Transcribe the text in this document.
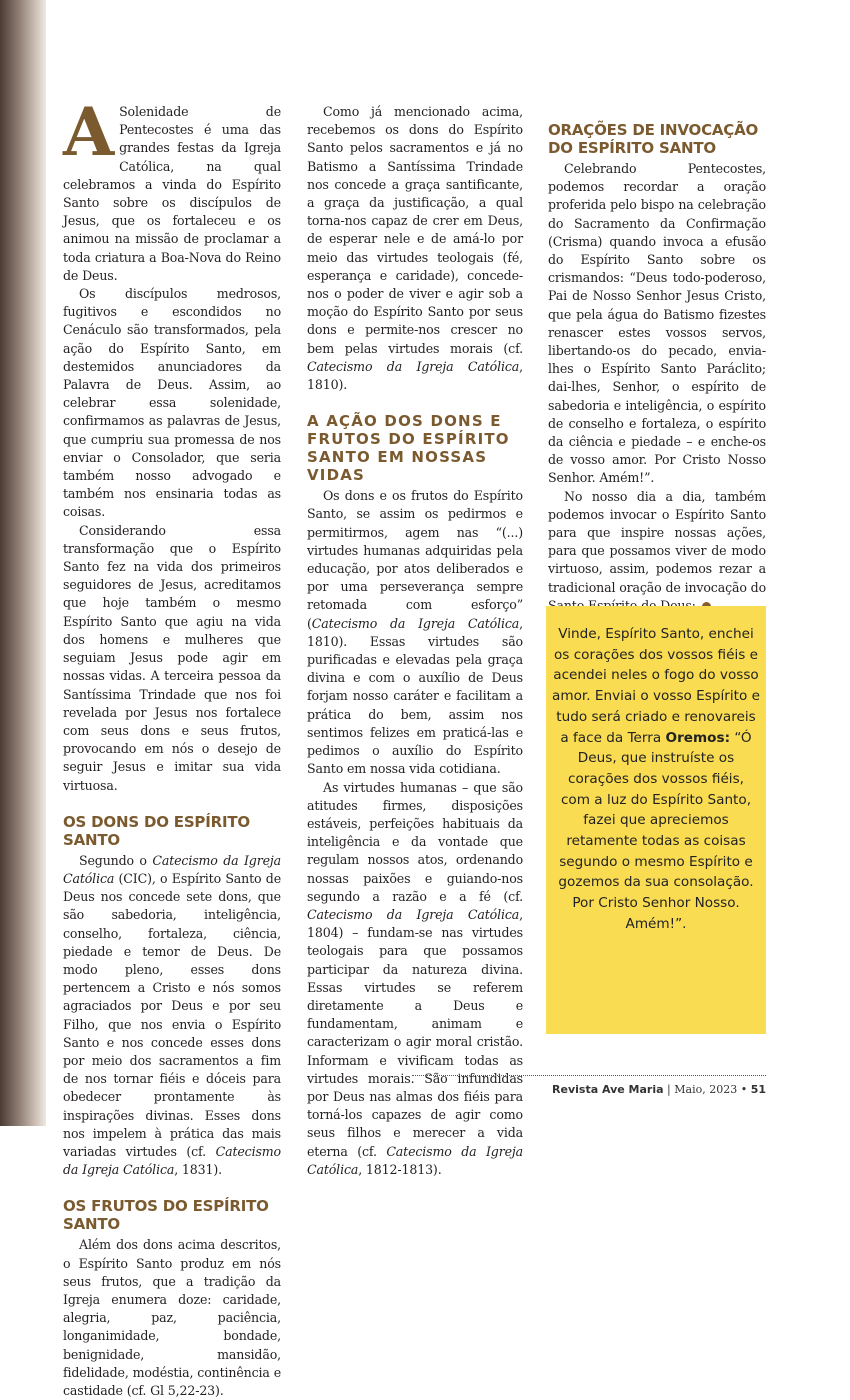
A Solenidade de Pentecostes é uma das grandes festas da Igreja Católica, na qual celebramos a vinda do Espírito Santo sobre os discípulos de Jesus, que os fortaleceu e os animou na missão de proclamar a toda criatura a Boa-Nova do Reino de Deus.

Os discípulos medrosos, fugitivos e escondidos no Cenáculo são transformados, pela ação do Espírito Santo, em destemidos anunciadores da Palavra de Deus. Assim, ao celebrar essa solenidade, confirmamos as palavras de Jesus, que cumpriu sua promessa de nos enviar o Consolador, que seria também nosso advogado e também nos ensinaria todas as coisas.

Considerando essa transformação que o Espírito Santo fez na vida dos primeiros seguidores de Jesus, acreditamos que hoje também o mesmo Espírito Santo que agiu na vida dos homens e mulheres que seguiam Jesus pode agir em nossas vidas. A terceira pessoa da Santíssima Trindade que nos foi revelada por Jesus nos fortalece com seus dons e seus frutos, provocando em nós o desejo de seguir Jesus e imitar sua vida virtuosa.

OS DONS DO ESPÍRITO SANTO

Segundo o Catecismo da Igreja Católica (CIC), o Espírito Santo de Deus nos concede sete dons, que são sabedoria, inteligência, conselho, fortaleza, ciência, piedade e temor de Deus. De modo pleno, esses dons pertencem a Cristo e nós somos agraciados por Deus e por seu Filho, que nos envia o Espírito Santo e nos concede esses dons por meio dos sacramentos a fim de nos tornar fiéis e dóceis para obedecer prontamente às inspirações divinas. Esses dons nos impelem à prática das mais variadas virtudes (cf. Catecismo da Igreja Católica, 1831).

OS FRUTOS DO ESPÍRITO SANTO

Além dos dons acima descritos, o Espírito Santo produz em nós seus frutos, que a tradição da Igreja enumera doze: caridade, alegria, paz, paciência, longanimidade, bondade, benignidade, mansidão, fidelidade, modéstia, continência e castidade (cf. Gl 5,22-23).

Como já mencionado acima, recebemos os dons do Espírito Santo pelos sacramentos e já no Batismo a Santíssima Trindade nos concede a graça santificante, a graça da justificação, a qual torna-nos capaz de crer em Deus, de esperar nele e de amá-lo por meio das virtudes teologais (fé, esperança e caridade), concede-nos o poder de viver e agir sob a moção do Espírito Santo por seus dons e permite-nos crescer no bem pelas virtudes morais (cf. Catecismo da Igreja Católica, 1810).

A AÇÃO DOS DONS E FRUTOS DO ESPÍRITO SANTO EM NOSSAS VIDAS

Os dons e os frutos do Espírito Santo, se assim os pedirmos e permitirmos, agem nas “(...) virtudes humanas adquiridas pela educação, por atos deliberados e por uma perseverança sempre retomada com esforço” (Catecismo da Igreja Católica, 1810). Essas virtudes são purificadas e elevadas pela graça divina e com o auxílio de Deus forjam nosso caráter e facilitam a prática do bem, assim nos sentimos felizes em praticá-las e pedimos o auxílio do Espírito Santo em nossa vida cotidiana.

As virtudes humanas – que são atitudes firmes, disposições estáveis, perfeições habituais da inteligência e da vontade que regulam nossos atos, ordenando nossas paixões e guiando-nos segundo a razão e a fé (cf. Catecismo da Igreja Católica, 1804) – fundam-se nas virtudes teologais para que possamos participar da natureza divina. Essas virtudes se referem diretamente a Deus e fundamentam, animam e caracterizam o agir moral cristão. Informam e vivificam todas as virtudes morais. São infundidas por Deus nas almas dos fiéis para torná-los capazes de agir como seus filhos e merecer a vida eterna (cf. Catecismo da Igreja Católica, 1812-1813).

ORAÇÕES DE INVOCAÇÃO DO ESPÍRITO SANTO

Celebrando Pentecostes, podemos recordar a oração proferida pelo bispo na celebração do Sacramento da Confirmação (Crisma) quando invoca a efusão do Espírito Santo sobre os crismandos: “Deus todo-poderoso, Pai de Nosso Senhor Jesus Cristo, que pela água do Batismo fizestes renascer estes vossos servos, libertando-os do pecado, envia-lhes o Espírito Santo Paráclito; dai-lhes, Senhor, o espírito de sabedoria e inteligência, o espírito de conselho e fortaleza, o espírito da ciência e piedade – e enche-os de vosso amor. Por Cristo Nosso Senhor. Amém!”.

No nosso dia a dia, também podemos invocar o Espírito Santo para que inspire nossas ações, para que possamos viver de modo virtuoso, assim, podemos rezar a tradicional oração de invocação do

Vinde, Espírito Santo, enchei os corações dos vossos fiéis e acendei neles o fogo do vosso amor. Enviai o vosso Espírito e tudo será criado e renovareis a face da Terra Oremos: “Ó Deus, que instruíste os corações dos vossos fiéis, com a luz do Espírito Santo, fazei que apreciemos retamente todas as coisas segundo o mesmo Espírito e gozemos da sua consolação. Por Cristo Senhor Nosso. Amém!”.
Revista Ave Maria | Maio, 2023 • 51
